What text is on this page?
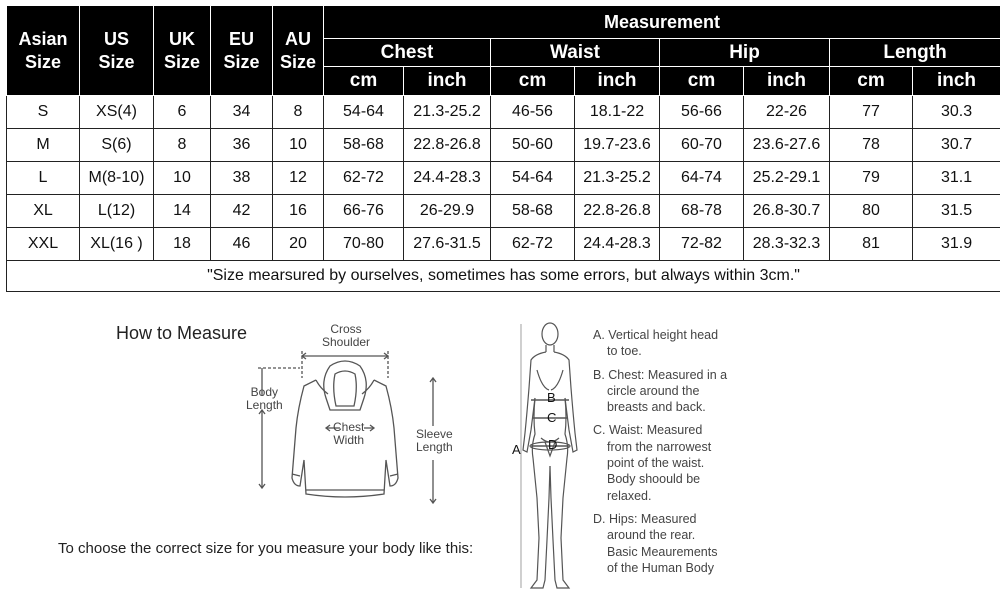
Asian
Size	US
Size	UK
Size	EU
Size	AU
Size	Measurement							
					Chest		Waist		Hip		Length	
					cm	inch	cm	inch	cm	inch	cm	inch
S	XS(4)	6	34	8	54-64	21.3-25.2	46-56	18.1-22	56-66	22-26	77	30.3
M	S(6)	8	36	10	58-68	22.8-26.8	50-60	19.7-23.6	60-70	23.6-27.6	78	30.7
L	M(8-10)	10	38	12	62-72	24.4-28.3	54-64	21.3-25.2	64-74	25.2-29.1	79	31.1
XL	L(12)	14	42	16	66-76	26-29.9	58-68	22.8-26.8	68-78	26.8-30.7	80	31.5
XXL	XL(16 )	18	46	20	70-80	27.6-31.5	62-72	24.4-28.3	72-82	28.3-32.3	81	31.9
"Size mearsured by ourselves, sometimes has some errors, but always within 3cm."												
How to Measure	Cross
Shoulder
Body
Length
Chest
Width	Sleeve
Length
To choose the correct size for you measure your body like this:
B
C
D
A
A. Vertical height head
to toe.
B. Chest: Measured in a
circle around the
breasts and back.
C. Waist: Measured
from the narrowest
point of the waist.
Body shoould be
relaxed.
D. Hips: Measured
around the rear.
Basic Meaurements
of the Human Body
